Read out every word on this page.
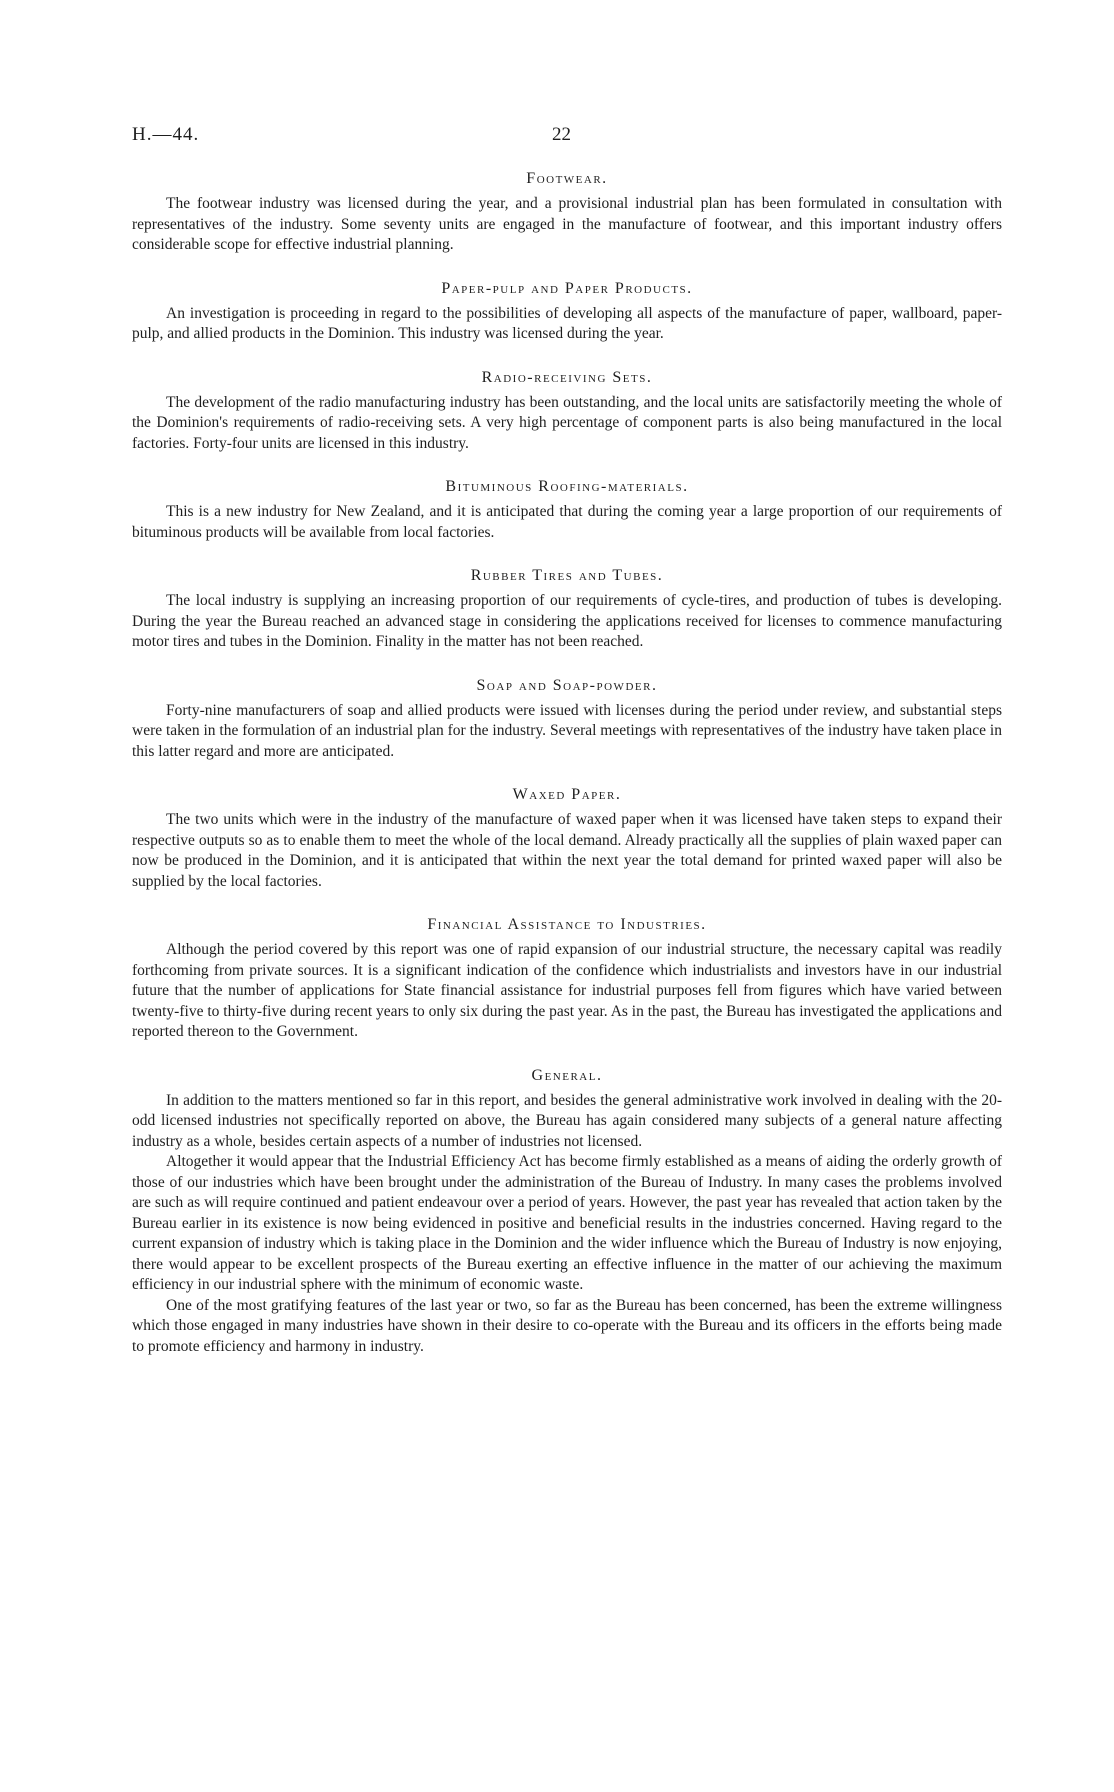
H.—44.	22
Footwear.

The footwear industry was licensed during the year, and a provisional industrial plan has been formulated in consultation with representatives of the industry. Some seventy units are engaged in the manufacture of footwear, and this important industry offers considerable scope for effective industrial planning.

Paper-pulp and Paper Products.

An investigation is proceeding in regard to the possibilities of developing all aspects of the manufacture of paper, wallboard, paper-pulp, and allied products in the Dominion. This industry was licensed during the year.

Radio-receiving Sets.

The development of the radio manufacturing industry has been outstanding, and the local units are satisfactorily meeting the whole of the Dominion's requirements of radio-receiving sets. A very high percentage of component parts is also being manufactured in the local factories. Forty-four units are licensed in this industry.

Bituminous Roofing-materials.

This is a new industry for New Zealand, and it is anticipated that during the coming year a large proportion of our requirements of bituminous products will be available from local factories.

Rubber Tires and Tubes.

The local industry is supplying an increasing proportion of our requirements of cycle-tires, and production of tubes is developing. During the year the Bureau reached an advanced stage in considering the applications received for licenses to commence manufacturing motor tires and tubes in the Dominion. Finality in the matter has not been reached.

Soap and Soap-powder.

Forty-nine manufacturers of soap and allied products were issued with licenses during the period under review, and substantial steps were taken in the formulation of an industrial plan for the industry. Several meetings with representatives of the industry have taken place in this latter regard and more are anticipated.

Waxed Paper.

The two units which were in the industry of the manufacture of waxed paper when it was licensed have taken steps to expand their respective outputs so as to enable them to meet the whole of the local demand. Already practically all the supplies of plain waxed paper can now be produced in the Dominion, and it is anticipated that within the next year the total demand for printed waxed paper will also be supplied by the local factories.

Financial Assistance to Industries.

Although the period covered by this report was one of rapid expansion of our industrial structure, the necessary capital was readily forthcoming from private sources. It is a significant indication of the confidence which industrialists and investors have in our industrial future that the number of applications for State financial assistance for industrial purposes fell from figures which have varied between twenty-five to thirty-five during recent years to only six during the past year. As in the past, the Bureau has investigated the applications and reported thereon to the Government.

General.

In addition to the matters mentioned so far in this report, and besides the general administrative work involved in dealing with the 20-odd licensed industries not specifically reported on above, the Bureau has again considered many subjects of a general nature affecting industry as a whole, besides certain aspects of a number of industries not licensed.

Altogether it would appear that the Industrial Efficiency Act has become firmly established as a means of aiding the orderly growth of those of our industries which have been brought under the administration of the Bureau of Industry. In many cases the problems involved are such as will require continued and patient endeavour over a period of years. However, the past year has revealed that action taken by the Bureau earlier in its existence is now being evidenced in positive and beneficial results in the industries concerned. Having regard to the current expansion of industry which is taking place in the Dominion and the wider influence which the Bureau of Industry is now enjoying, there would appear to be excellent prospects of the Bureau exerting an effective influence in the matter of our achieving the maximum efficiency in our industrial sphere with the minimum of economic waste.

One of the most gratifying features of the last year or two, so far as the Bureau has been concerned, has been the extreme willingness which those engaged in many industries have shown in their desire to co-operate with the Bureau and its officers in the efforts being made to promote efficiency and harmony in industry.
